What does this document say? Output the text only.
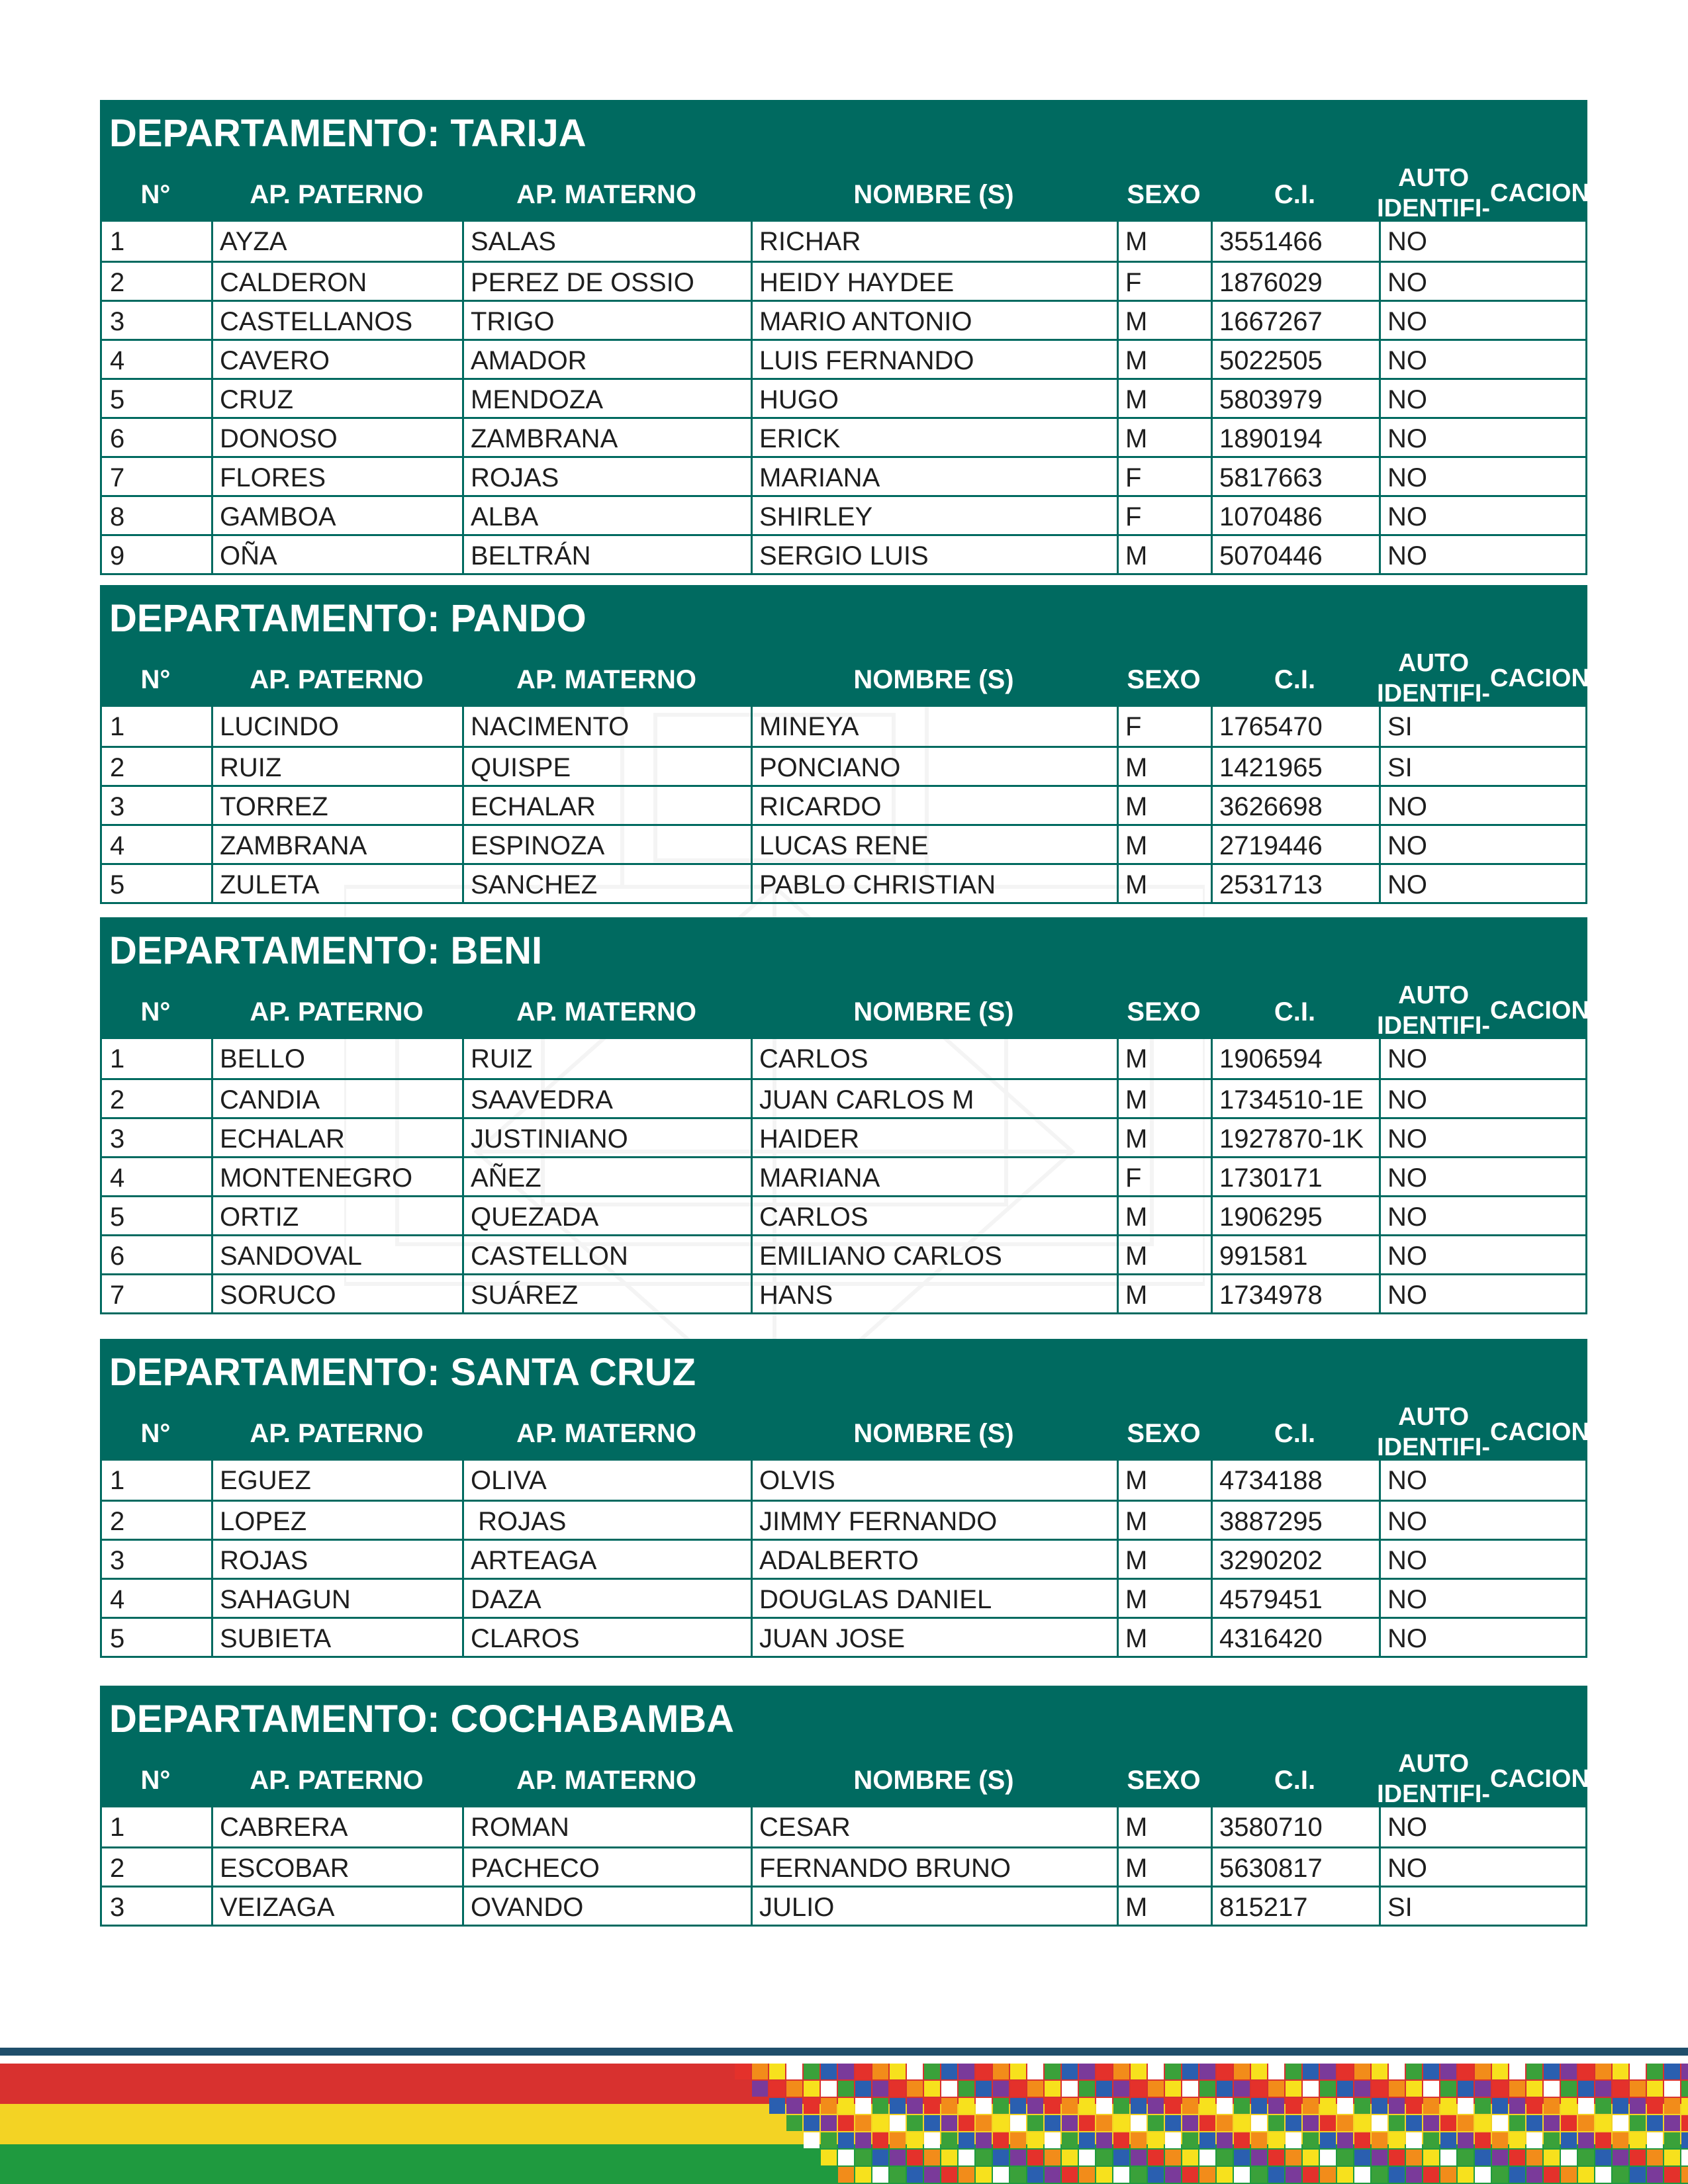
DEPARTAMENTO: TARIJA
N°	AP. PATERNO	AP. MATERNO	NOMBRE (S)	SEXO	C.I.
AUTO IDENTIFI-

CACION
1	AYZA	SALAS	RICHAR	M	3551466	NO
2	CALDERON	PEREZ DE OSSIO	HEIDY HAYDEE	F	1876029	NO
3	CASTELLANOS	TRIGO	MARIO ANTONIO	M	1667267	NO
4	CAVERO	AMADOR	LUIS FERNANDO	M	5022505	NO
5	CRUZ	MENDOZA	HUGO	M	5803979	NO
6	DONOSO	ZAMBRANA	ERICK	M	1890194	NO
7	FLORES	ROJAS	MARIANA	F	5817663	NO
8	GAMBOA	ALBA	SHIRLEY	F	1070486	NO
9	OÑA	BELTRÁN	SERGIO LUIS	M	5070446	NO
DEPARTAMENTO: PANDO
N°	AP. PATERNO	AP. MATERNO	NOMBRE (S)	SEXO	C.I.
AUTO IDENTIFI-

CACION
1	LUCINDO	NACIMENTO	MINEYA	F	1765470	SI
2	RUIZ	QUISPE	PONCIANO	M	1421965	SI
3	TORREZ	ECHALAR	RICARDO	M	3626698	NO
4	ZAMBRANA	ESPINOZA	LUCAS RENE	M	2719446	NO
5	ZULETA	SANCHEZ	PABLO CHRISTIAN	M	2531713	NO
DEPARTAMENTO: BENI
N°	AP. PATERNO	AP. MATERNO	NOMBRE (S)	SEXO	C.I.
AUTO IDENTIFI-

CACION
1	BELLO	RUIZ	CARLOS	M	1906594	NO
2	CANDIA	SAAVEDRA	JUAN CARLOS M	M	1734510-1E NO
3	ECHALAR	JUSTINIANO	HAIDER	M	1927870-1K NO
4	MONTENEGRO	AÑEZ	MARIANA	F	1730171	NO
5	ORTIZ	QUEZADA	CARLOS	M	1906295	NO
6	SANDOVAL	CASTELLON	EMILIANO CARLOS	M	991581	NO
7	SORUCO	SUÁREZ	HANS	M	1734978	NO
DEPARTAMENTO: SANTA CRUZ
N°	AP. PATERNO	AP. MATERNO	NOMBRE (S)	SEXO	C.I.
AUTO IDENTIFI-

CACION
1	EGUEZ	OLIVA	OLVIS	M	4734188	NO
2	LOPEZ	ROJAS	JIMMY FERNANDO	M	3887295	NO
3	ROJAS	ARTEAGA	ADALBERTO	M	3290202	NO
4	SAHAGUN	DAZA	DOUGLAS DANIEL	M	4579451	NO
5	SUBIETA	CLAROS	JUAN JOSE	M	4316420	NO
DEPARTAMENTO: COCHABAMBA
N°	AP. PATERNO	AP. MATERNO	NOMBRE (S)	SEXO	C.I.
AUTO IDENTIFI-

CACION
1	CABRERA	ROMAN	CESAR	M	3580710	NO
2	ESCOBAR	PACHECO	FERNANDO BRUNO	M	5630817	NO
3	VEIZAGA	OVANDO	JULIO	M	815217	SI
